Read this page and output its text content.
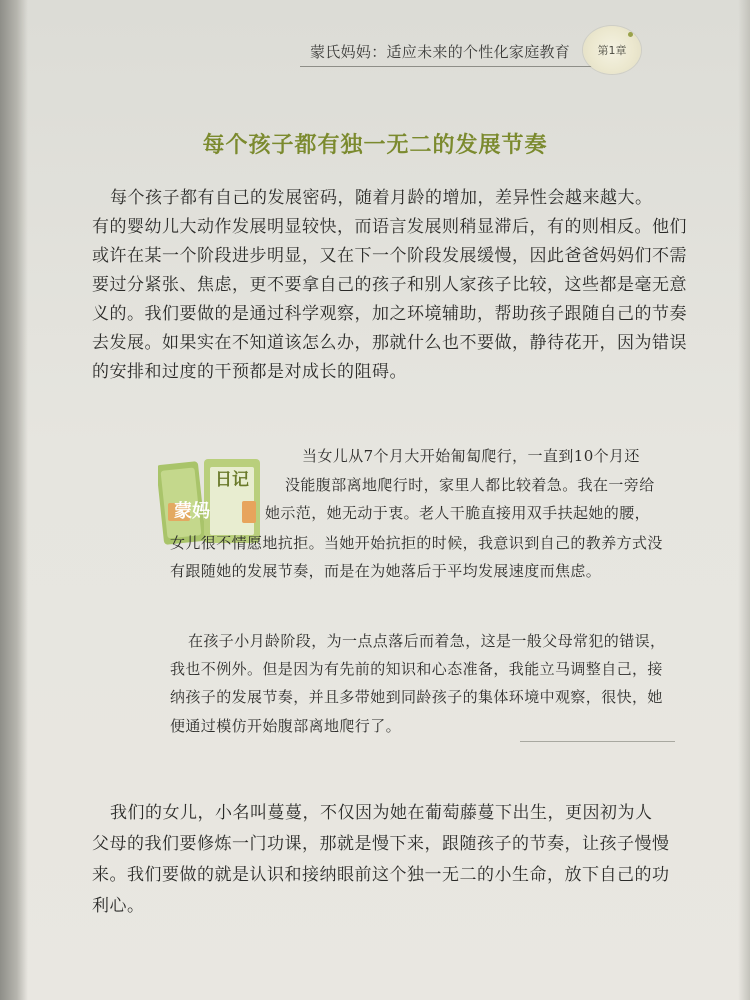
蒙氏妈妈：适应未来的个性化家庭教育 第1章
每个孩子都有独一无二的发展节奏

每个孩子都有自己的发展密码，随着月龄的增加，差异性会越来越大。

有的婴幼儿大动作发展明显较快，而语言发展则稍显滞后，有的则相反。他们

或许在某一个阶段进步明显，又在下一个阶段发展缓慢，因此爸爸妈妈们不需

要过分紧张、焦虑，更不要拿自己的孩子和别人家孩子比较，这些都是毫无意

义的。我们要做的是通过科学观察，加之环境辅助，帮助孩子跟随自己的节奏

去发展。如果实在不知道该怎么办，那就什么也不要做，静待花开，因为错误

的安排和过度的干预都是对成长的阻碍。

日记
蒙妈

当女儿从7个月大开始匍匐爬行，一直到10个月还

没能腹部离地爬行时，家里人都比较着急。我在一旁给

她示范，她无动于衷。老人干脆直接用双手扶起她的腰，

女儿很不情愿地抗拒。当她开始抗拒的时候，我意识到自己的教养方式没

有跟随她的发展节奏，而是在为她落后于平均发展速度而焦虑。

在孩子小月龄阶段，为一点点落后而着急，这是一般父母常犯的错误，

我也不例外。但是因为有先前的知识和心态准备，我能立马调整自己，接

纳孩子的发展节奏，并且多带她到同龄孩子的集体环境中观察，很快，她

便通过模仿开始腹部离地爬行了。

我们的女儿，小名叫蔓蔓，不仅因为她在葡萄藤蔓下出生，更因初为人

父母的我们要修炼一门功课，那就是慢下来，跟随孩子的节奏，让孩子慢慢

来。我们要做的就是认识和接纳眼前这个独一无二的小生命，放下自己的功

利心。
